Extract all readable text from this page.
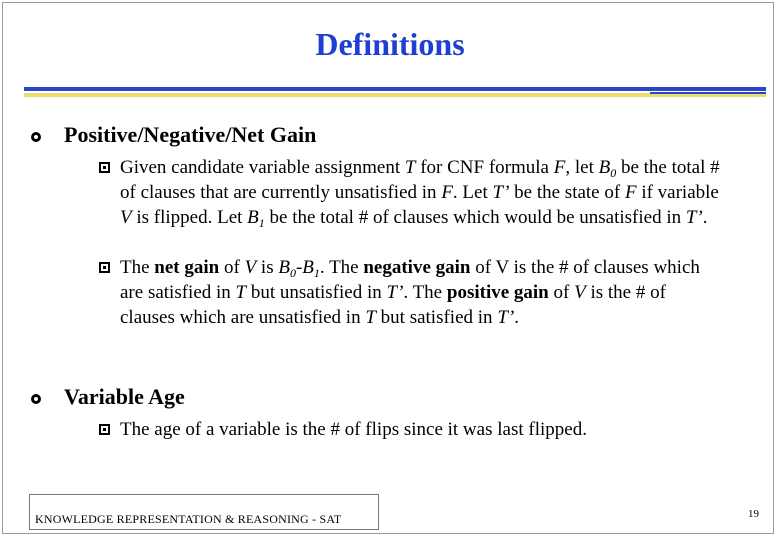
Definitions
Positive/Negative/Net Gain
Given candidate variable assignment T for CNF formula F, let $B_0$ be the total # of clauses that are currently unsatisfied in F. Let T’ be the state of F if variable V is flipped. Let $B_1$ be the total # of clauses which would be unsatisfied in T’.
The net gain of V is $B_0-B_1$. The negative gain of V is the # of clauses which are satisfied in T but unsatisfied in T’. The positive gain of V is the # of clauses which are unsatisfied in T but satisfied in T’.
Variable Age
The age of a variable is the # of flips since it was last flipped.
KNOWLEDGE REPRESENTATION & REASONING - SAT	19
